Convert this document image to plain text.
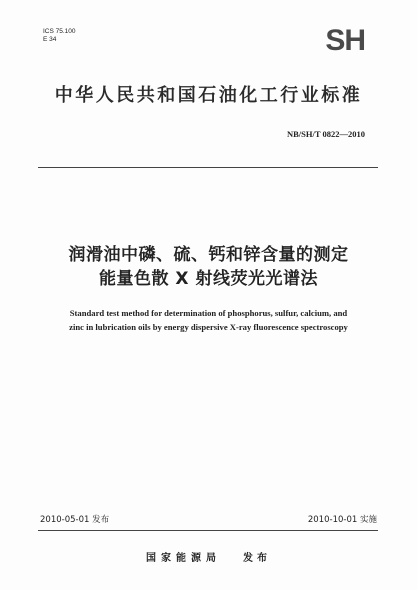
ICS 75.100
E 34	SH
中华人民共和国石油化工行业标准
NB/SH/T 0822—2010
润滑油中磷、硫、钙和锌含量的测定
能量色散 X 射线荧光光谱法
Standard test method for determination of phosphorus, sulfur, calcium, and
zinc in lubrication oils by energy dispersive X-ray fluorescence spectroscopy
2010-05-01 发布	2010-10-01 实施
国家能源局 发布
